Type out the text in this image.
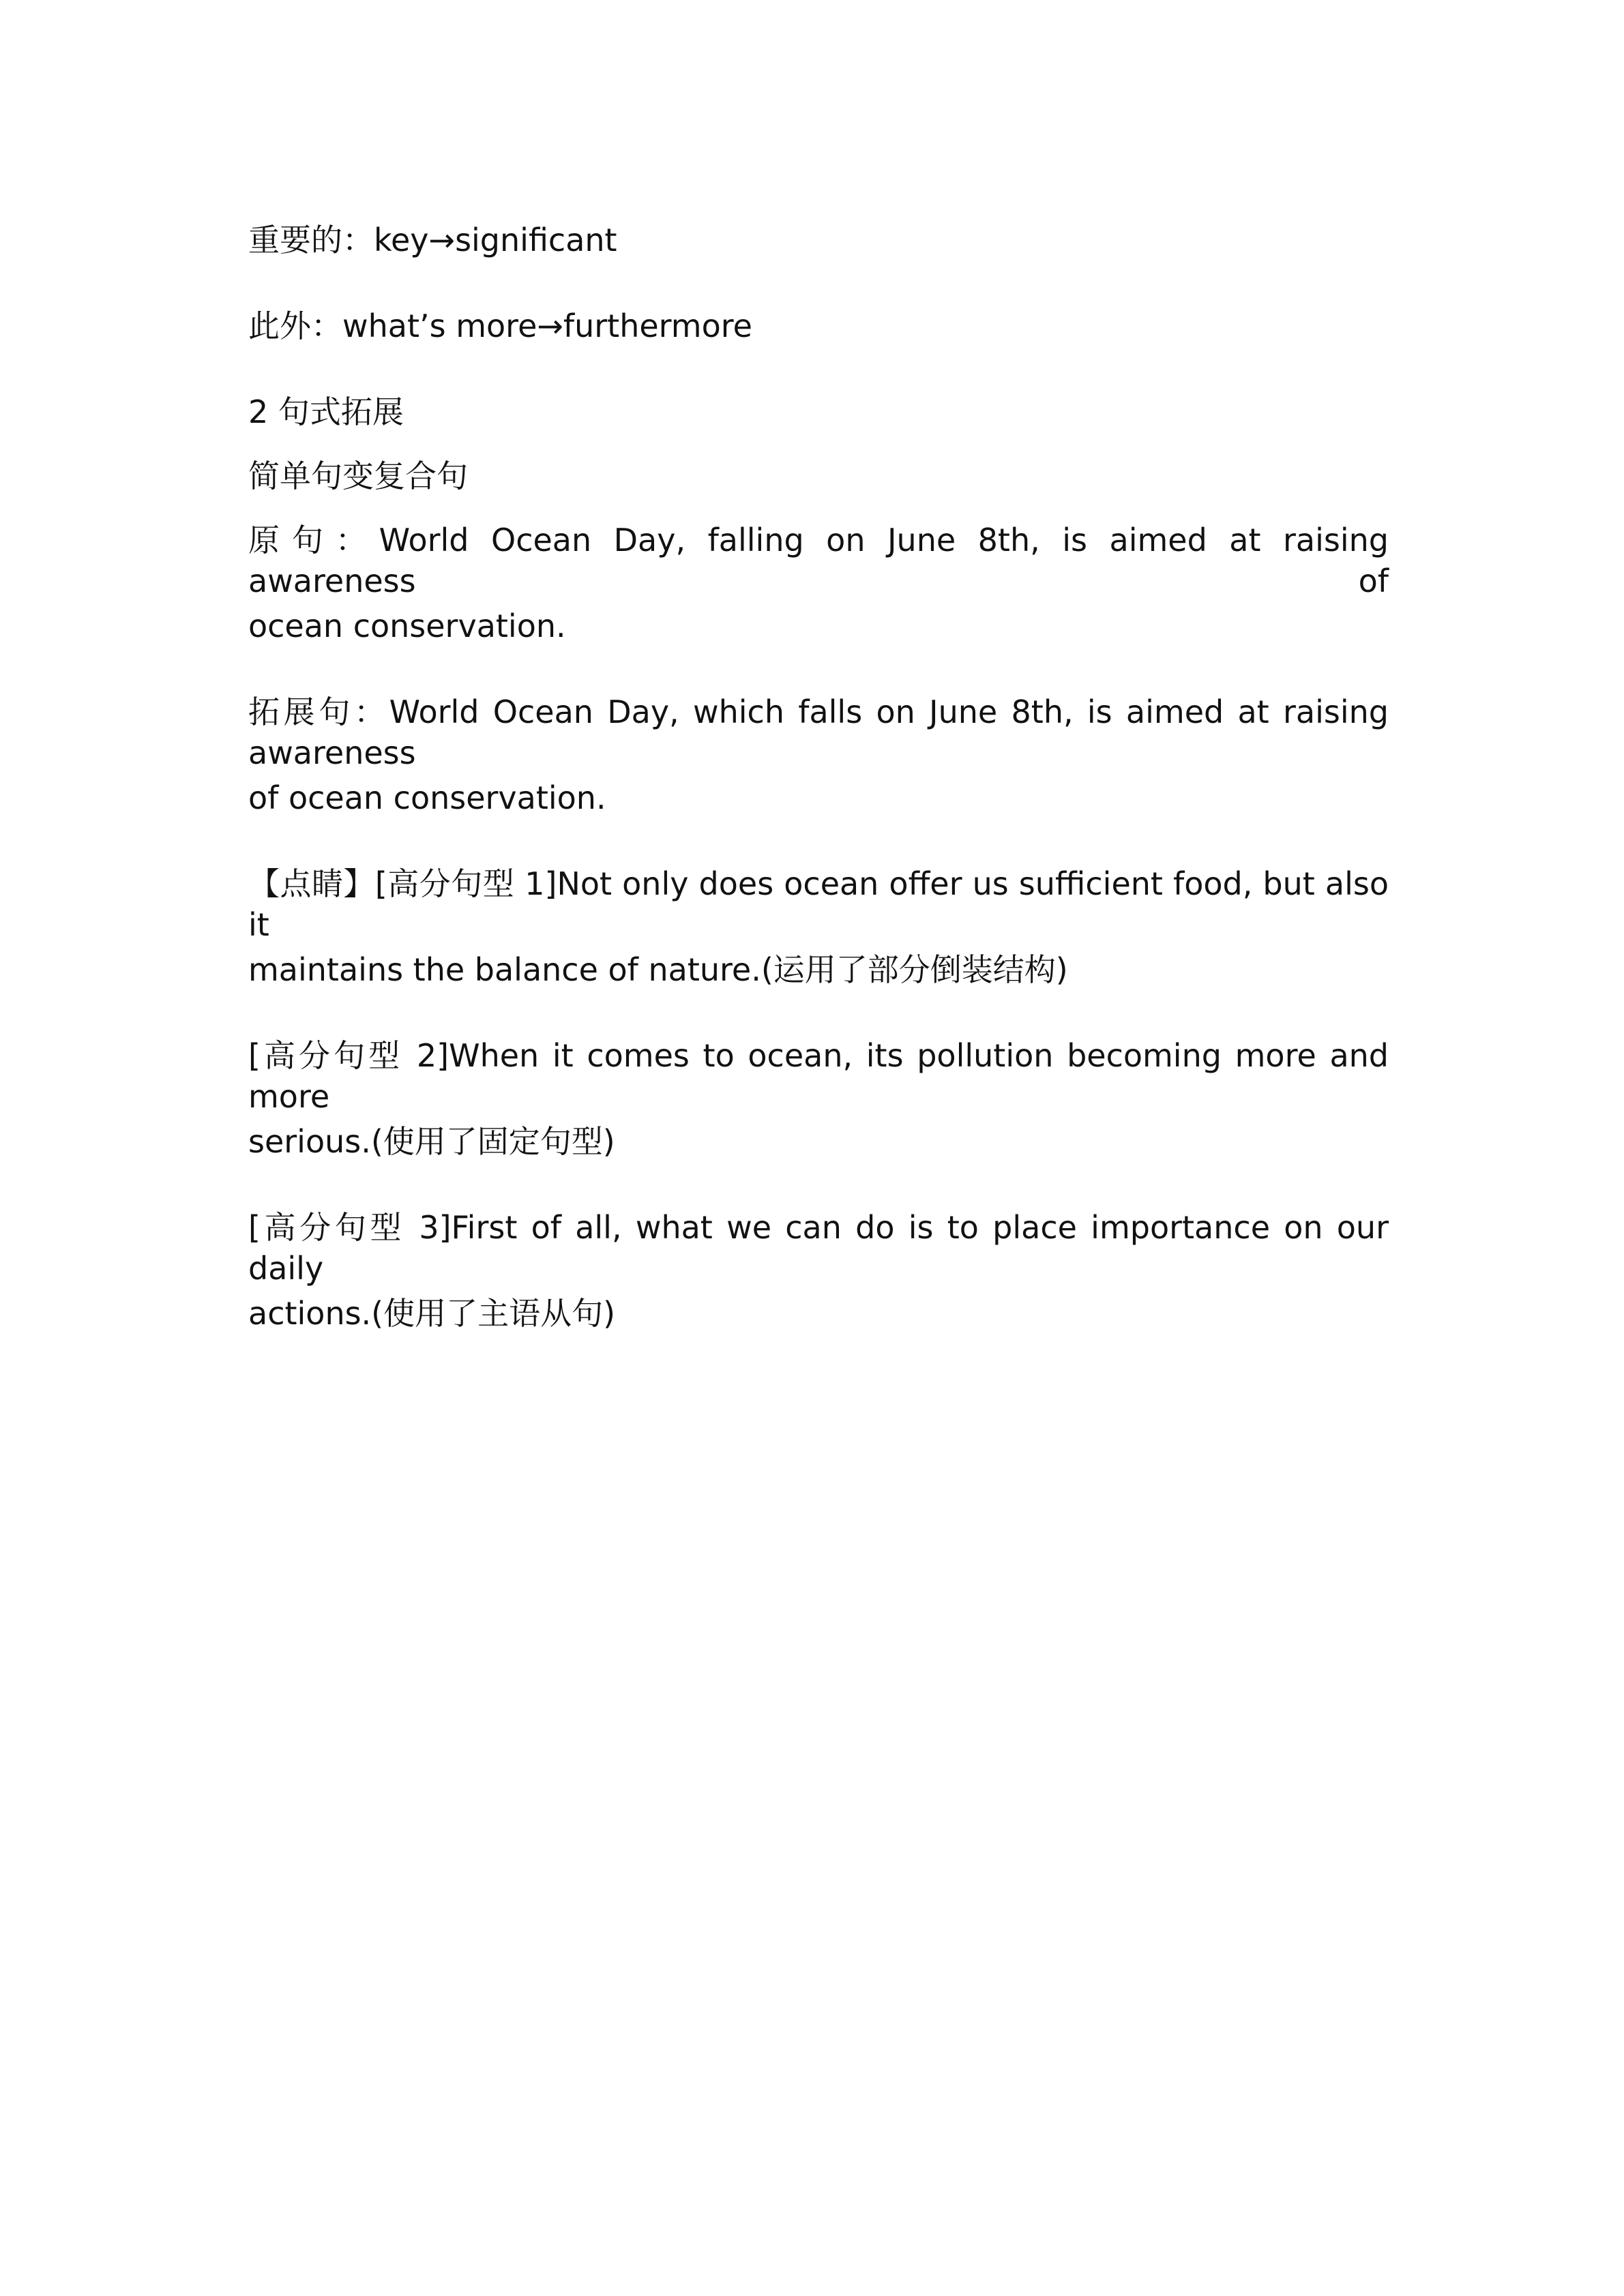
重要的：key→significant
此外：what’s more→furthermore
2 句式拓展
简单句变复合句
原句：World Ocean Day, falling on June 8th, is aimed at raising awareness of
ocean conservation.
拓展句：World Ocean Day, which falls on June 8th, is aimed at raising awareness
of ocean conservation.
【点睛】[高分句型 1]Not only does ocean offer us sufficient food, but also it
maintains the balance of nature.(运用了部分倒装结构)
[高分句型 2]When it comes to ocean, its pollution becoming more and more
serious.(使用了固定句型)
[高分句型 3]First of all, what we can do is to place importance on our daily
actions.(使用了主语从句)
